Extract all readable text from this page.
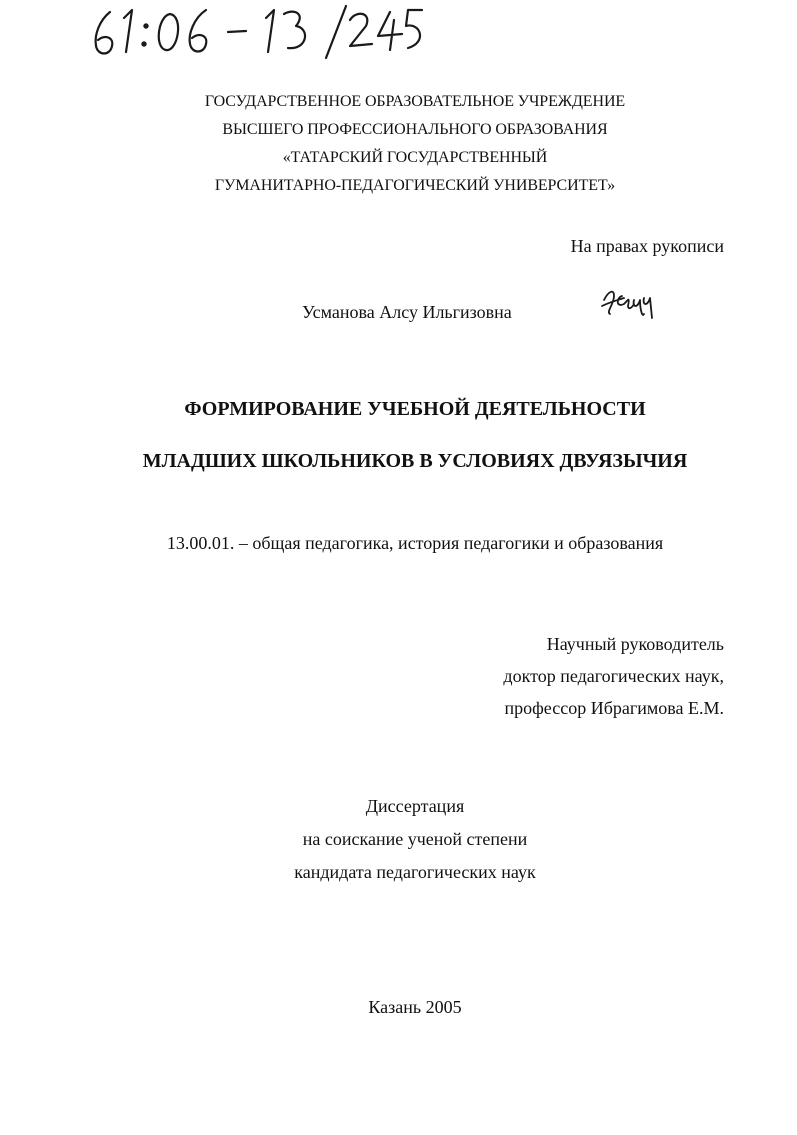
ГОСУДАРСТВЕННОЕ ОБРАЗОВАТЕЛЬНОЕ УЧРЕЖДЕНИЕ
ВЫСШЕГО ПРОФЕССИОНАЛЬНОГО ОБРАЗОВАНИЯ
«ТАТАРСКИЙ ГОСУДАРСТВЕННЫЙ
ГУМАНИТАРНО-ПЕДАГОГИЧЕСКИЙ УНИВЕРСИТЕТ»
На правах рукописи
Усманова Алсу Ильгизовна
ФОРМИРОВАНИЕ УЧЕБНОЙ ДЕЯТЕЛЬНОСТИ
МЛАДШИХ ШКОЛЬНИКОВ В УСЛОВИЯХ ДВУЯЗЫЧИЯ
13.00.01. – общая педагогика, история педагогики и образования
Научный руководитель
доктор педагогических наук,
профессор Ибрагимова Е.М.
Диссертация
на соискание ученой степени
кандидата педагогических наук
Казань 2005
